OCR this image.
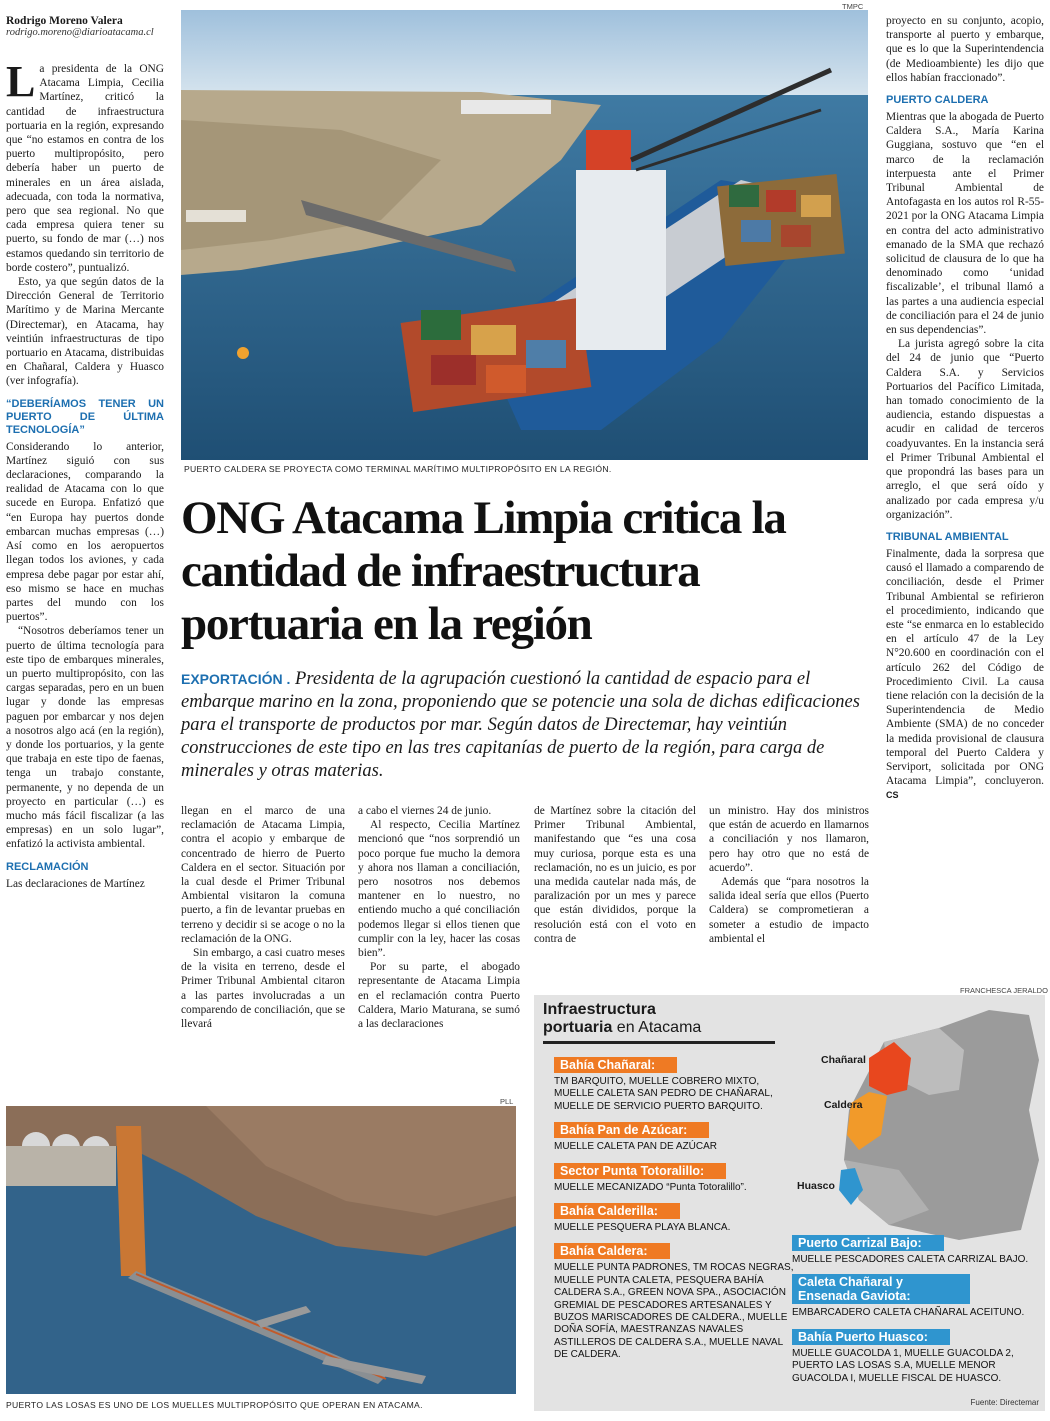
Rodrigo Moreno Valera
rodrigo.moreno@diarioatacama.cl

La presidenta de la ONG Atacama Limpia, Cecilia Martínez, criticó la cantidad de infraestructura portuaria en la región, expresando que “no estamos en contra de los puerto multipropósito, pero debería haber un puerto de minerales en un área aislada, adecuada, con toda la normativa, pero que sea regional. No que cada empresa quiera tener su puerto, su fondo de mar (…) nos estamos quedando sin territorio de borde costero”, puntualizó.

Esto, ya que según datos de la Dirección General de Territorio Marítimo y de Marina Mercante (Directemar), en Atacama, hay veintiún infraestructuras de tipo portuario en Atacama, distribuidas en Chañaral, Caldera y Huasco (ver infografía).

“DEBERÍAMOS TENER UN PUERTO DE ÚLTIMA TECNOLOGÍA”

Considerando lo anterior, Martínez siguió con sus declaraciones, comparando la realidad de Atacama con lo que sucede en Europa. Enfatizó que “en Europa hay puertos donde embarcan muchas empresas (…) Así como en los aeropuertos llegan todos los aviones, y cada empresa debe pagar por estar ahí, eso mismo se hace en muchas partes del mundo con los puertos”.

“Nosotros deberíamos tener un puerto de última tecnología para este tipo de embarques minerales, un puerto multipropósito, con las cargas separadas, pero en un buen lugar y donde las empresas paguen por embarcar y nos dejen a nosotros algo acá (en la región), y donde los portuarios, y la gente que trabaja en este tipo de faenas, tenga un trabajo constante, permanente, y no dependa de un proyecto en particular (…) es mucho más fácil fiscalizar (a las empresas) en un solo lugar”, enfatizó la activista ambiental.

RECLAMACIÓN

Las declaraciones de Martínez

TMPC
PUERTO CALDERA SE PROYECTA COMO TERMINAL MARÍTIMO MULTIPROPÓSITO EN LA REGIÓN.
ONG Atacama Limpia critica la cantidad de infraestructura portuaria en la región
EXPORTACIÓN . Presidenta de la agrupación cuestionó la cantidad de espacio para el embarque marino en la zona, proponiendo que se potencie una sola de dichas edificaciones para el transporte de productos por mar. Según datos de Directemar, hay veintiún construcciones de este tipo en las tres capitanías de puerto de la región, para carga de minerales y otras materias.

llegan en el marco de una reclamación de Atacama Limpia, contra el acopio y embarque de concentrado de hierro de Puerto Caldera en el sector. Situación por la cual desde el Primer Tribunal Ambiental visitaron la comuna puerto, a fin de levantar pruebas en terreno y decidir si se acoge o no la reclamación de la ONG.

Sin embargo, a casi cuatro meses de la visita en terreno, desde el Primer Tribunal Ambiental citaron a las partes involucradas a un comparendo de conciliación, que se llevará

a cabo el viernes 24 de junio.

Al respecto, Cecilia Martínez mencionó que “nos sorprendió un poco porque fue mucho la demora y ahora nos llaman a conciliación, pero nosotros nos debemos mantener en lo nuestro, no entiendo mucho a qué conciliación podemos llegar si ellos tienen que cumplir con la ley, hacer las cosas bien”.

Por su parte, el abogado representante de Atacama Limpia en el reclamación contra Puerto Caldera, Mario Maturana, se sumó a las declaraciones

de Martínez sobre la citación del Primer Tribunal Ambiental, manifestando que “es una cosa muy curiosa, porque esta es una reclamación, no es un juicio, es por una medida cautelar nada más, de paralización por un mes y parece que están divididos, porque la resolución está con el voto en contra de

un ministro. Hay dos ministros que están de acuerdo en llamarnos a conciliación y nos llamaron, pero hay otro que no está de acuerdo”.

Además que “para nosotros la salida ideal sería que ellos (Puerto Caldera) se comprometieran a someter a estudio de impacto ambiental el

proyecto en su conjunto, acopio, transporte al puerto y embarque, que es lo que la Superintendencia (de Medioambiente) les dijo que ellos habían fraccionado”.

PUERTO CALDERA

Mientras que la abogada de Puerto Caldera S.A., María Karina Guggiana, sostuvo que “en el marco de la reclamación interpuesta ante el Primer Tribunal Ambiental de Antofagasta en los autos rol R-55-2021 por la ONG Atacama Limpia en contra del acto administrativo emanado de la SMA que rechazó solicitud de clausura de lo que ha denominado como ‘unidad fiscalizable’, el tribunal llamó a las partes a una audiencia especial de conciliación para el 24 de junio en sus dependencias”.

La jurista agregó sobre la cita del 24 de junio que “Puerto Caldera S.A. y Servicios Portuarios del Pacífico Limitada, han tomado conocimiento de la audiencia, estando dispuestas a acudir en calidad de terceros coadyuvantes. En la instancia será el Primer Tribunal Ambiental el que propondrá las bases para un arreglo, el que será oído y analizado por cada empresa y/u organización”.

TRIBUNAL AMBIENTAL

Finalmente, dada la sorpresa que causó el llamado a comparendo de conciliación, desde el Primer Tribunal Ambiental se refirieron el procedimiento, indicando que este “se enmarca en lo establecido en el artículo 47 de la Ley N°20.600 en coordinación con el artículo 262 del Código de Procedimiento Civil. La causa tiene relación con la decisión de la Superintendencia de Medio Ambiente (SMA) de no conceder la medida provisional de clausura temporal del Puerto Caldera y Serviport, solicitada por ONG Atacama Limpia”, concluyeron. CS

PLL
PUERTO LAS LOSAS ES UNO DE LOS MUELLES MULTIPROPÓSITO QUE OPERAN EN ATACAMA.
FRANCHESCA JERALDO
Chañaral
Caldera
Huasco
Infraestructura
portuaria en Atacama
Bahía Chañaral:
TM BARQUITO, MUELLE COBRERO MIXTO, MUELLE CALETA SAN PEDRO DE CHAÑARAL, MUELLE DE SERVICIO PUERTO BARQUITO.
Bahía Pan de Azúcar:
MUELLE CALETA PAN DE AZÚCAR
Sector Punta Totoralillo:
MUELLE MECANIZADO “Punta Totoralillo”.
Bahía Calderilla:
MUELLE PESQUERA PLAYA BLANCA.
Bahía Caldera:
MUELLE PUNTA PADRONES, TM ROCAS NEGRAS, MUELLE PUNTA CALETA, PESQUERA BAHÍA CALDERA S.A., GREEN NOVA SPA., ASOCIACIÓN GREMIAL DE PESCADORES ARTESANALES Y BUZOS MARISCADORES DE CALDERA., MUELLE DOÑA SOFÍA, MAESTRANZAS NAVALES ASTILLEROS DE CALDERA S.A., MUELLE NAVAL DE CALDERA.
Puerto Carrizal Bajo:
MUELLE PESCADORES CALETA CARRIZAL BAJO.
Caleta Chañaral y Ensenada Gaviota:
EMBARCADERO CALETA CHAÑARAL ACEITUNO.
Bahía Puerto Huasco:
MUELLE GUACOLDA 1, MUELLE GUACOLDA 2, PUERTO LAS LOSAS S.A, MUELLE MENOR GUACOLDA I, MUELLE FISCAL DE HUASCO.
Fuente: Directemar
